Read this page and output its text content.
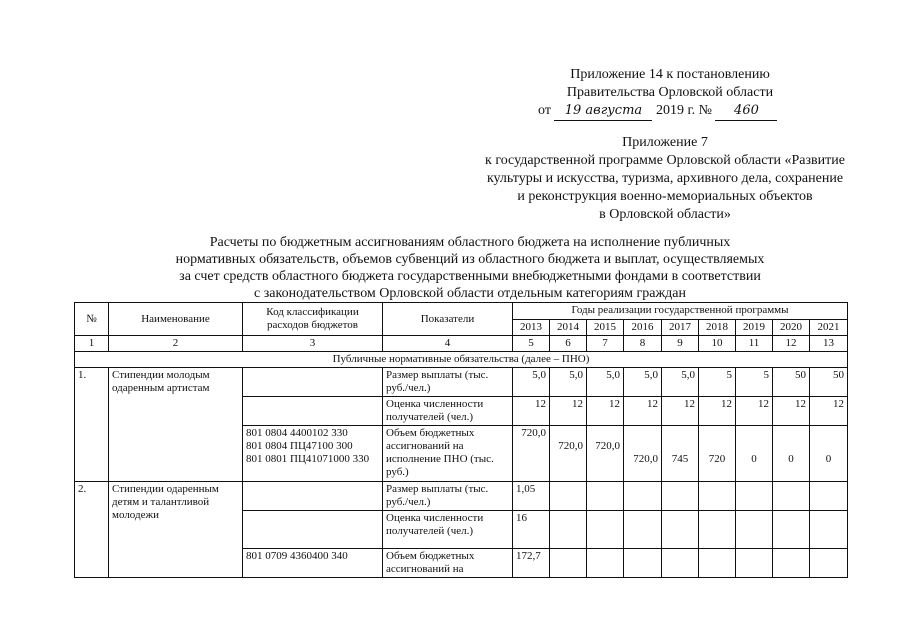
Приложение 14 к постановлению
Правительства Орловской области
от 19 августа 2019 г. № 460
Приложение 7
к государственной программе Орловской области «Развитие
культуры и искусства, туризма, архивного дела, сохранение
и реконструкция военно-мемориальных объектов
в Орловской области»
Расчеты по бюджетным ассигнованиям областного бюджета на исполнение публичных
нормативных обязательств, объемов субвенций из областного бюджета и выплат, осуществляемых
за счет средств областного бюджета государственными внебюджетными фондами в соответствии
с законодательством Орловской области отдельным категориям граждан
№	Наименование	Код классификации расходов бюджетов	Показатели	Годы реализации государственной программы								
				2013	2014	2015	2016	2017	2018	2019	2020	2021
1	2	3	4	5	6	7	8	9	10	11	12	13
Публичные нормативные обязательства (далее – ПНО)												
1.	Стипендии молодым одаренным артистам		Размер выплаты (тыс. руб./чел.)	5,0	5,0	5,0	5,0	5,0	5	5	50	50
			Оценка численности получателей (чел.)	12	12	12	12	12	12	12	12	12

		801 0804 4400102 330
801 0804 ПЦ47100 300
801 0801 ПЦ41071000 330	Объем бюджетных ассигнований на исполнение ПНО (тыс. руб.)	720,0	720,0	720,0	720,0	745	720	0	0	0
2.	Стипендии одаренным детям и талантливой молодежи		Размер выплаты (тыс. руб./чел.)	1,05								
			Оценка численности получателей (чел.)	16								
		801 0709 4360400 340	Объем бюджетных ассигнований на	172,7								
